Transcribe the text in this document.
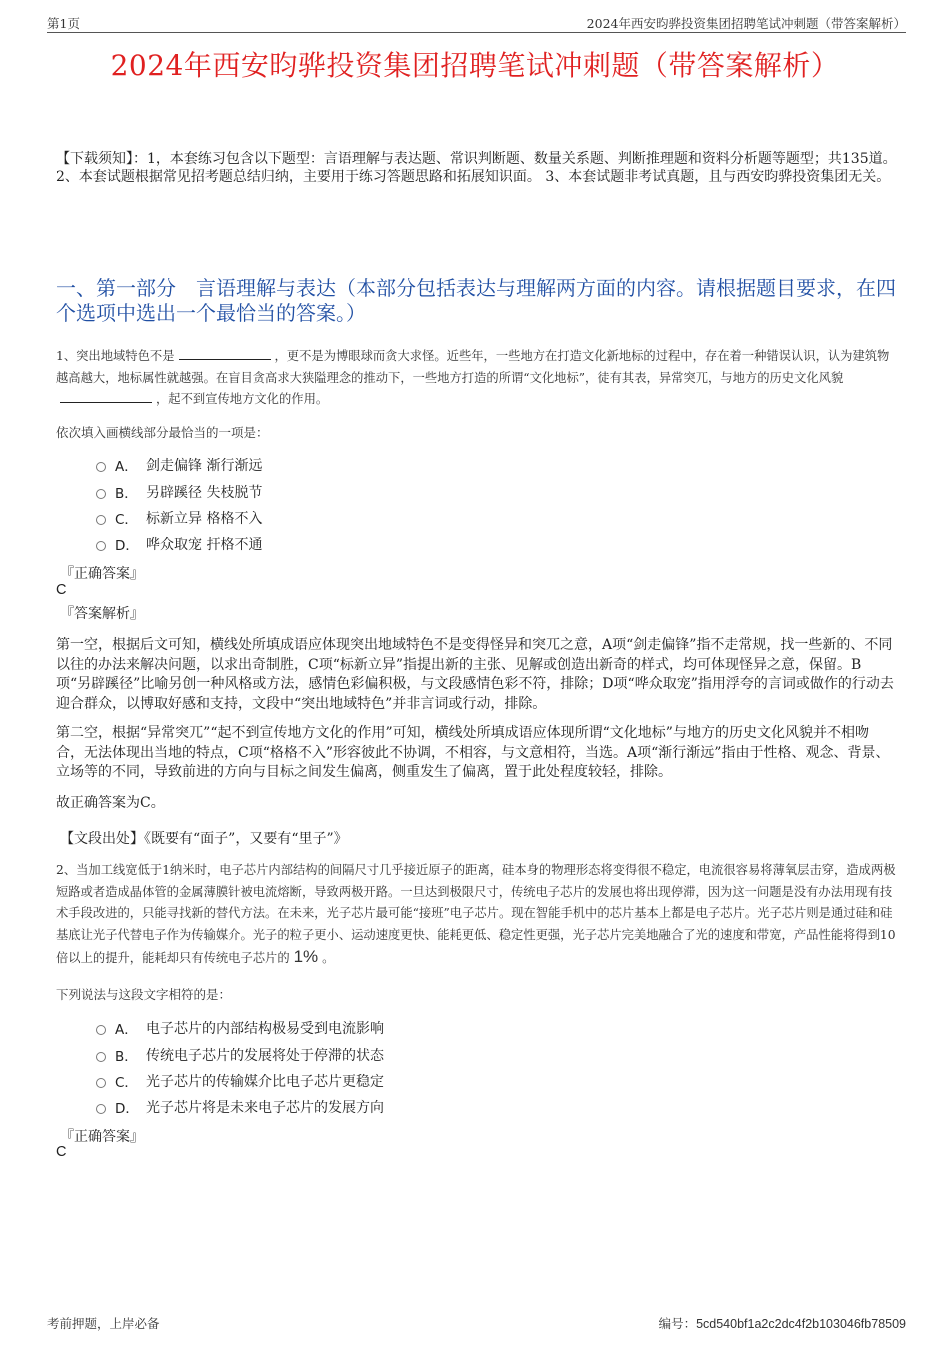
第1页	2024年西安昀骅投资集团招聘笔试冲刺题（带答案解析）
2024年西安昀骅投资集团招聘笔试冲刺题（带答案解析）
【下载须知】：1，本套练习包含以下题型：言语理解与表达题、常识判断题、数量关系题、判断推理题和资料分析题等题型；共135道。 2、本套试题根据常见招考题总结归纳，主要用于练习答题思路和拓展知识面。 3、本套试题非考试真题，且与西安昀骅投资集团无关。
一、第一部分　言语理解与表达（本部分包括表达与理解两方面的内容。请根据题目要求，在四个选项中选出一个最恰当的答案。）
1、突出地域特色不是	，更不是为博眼球而贪大求怪。近些年，一些地方在打造文化新地标的过程中，存在着一种错误认识，认为建筑物越高越大，地标属性就越强。在盲目贪高求大狭隘理念的推动下，一些地方打造的所谓“文化地标”，徒有其表，异常突兀，与地方的历史文化风貌，起不到宣传地方文化的作用。
依次填入画横线部分最恰当的一项是：
A． 剑走偏锋 渐行渐远
B． 另辟蹊径 失枝脱节
C． 标新立异 格格不入
D． 哗众取宠 扞格不通
『正确答案』
C
『答案解析』
第一空，根据后文可知，横线处所填成语应体现突出地域特色不是变得怪异和突兀之意，A项“剑走偏锋”指不走常规，找一些新的、不同以往的办法来解决问题，以求出奇制胜，C项“标新立异”指提出新的主张、见解或创造出新奇的样式，均可体现怪异之意，保留。B项“另辟蹊径”比喻另创一种风格或方法，感情色彩偏积极，与文段感情色彩不符，排除；D项“哗众取宠”指用浮夸的言词或做作的行动去迎合群众，以博取好感和支持，文段中“突出地域特色”并非言词或行动，排除。
第二空，根据“异常突兀”“起不到宣传地方文化的作用”可知，横线处所填成语应体现所谓“文化地标”与地方的历史文化风貌并不相吻合，无法体现出当地的特点，C项“格格不入”形容彼此不协调，不相容，与文意相符，当选。A项“渐行渐远”指由于性格、观念、背景、立场等的不同，导致前进的方向与目标之间发生偏离，侧重发生了偏离，置于此处程度较轻，排除。
故正确答案为C。
【文段出处】《既要有“面子”，又要有“里子”》
2、当加工线宽低于1纳米时，电子芯片内部结构的间隔尺寸几乎接近原子的距离，硅本身的物理形态将变得很不稳定，电流很容易将薄氧层击穿，造成两极短路或者造成晶体管的金属薄膜针被电流熔断，导致两极开路。一旦达到极限尺寸，传统电子芯片的发展也将出现停滞，因为这一问题是没有办法用现有技术手段改进的，只能寻找新的替代方法。在未来，光子芯片最可能“接班”电子芯片。现在智能手机中的芯片基本上都是电子芯片。光子芯片则是通过硅和硅基底让光子代替电子作为传输媒介。光子的粒子更小、运动速度更快、能耗更低、稳定性更强，光子芯片完美地融合了光的速度和带宽，产品性能将得到10倍以上的提升，能耗却只有传统电子芯片的 1% 。
下列说法与这段文字相符的是：
A． 电子芯片的内部结构极易受到电流影响
B． 传统电子芯片的发展将处于停滞的状态
C． 光子芯片的传输媒介比电子芯片更稳定
D． 光子芯片将是未来电子芯片的发展方向
『正确答案』
C
考前押题，上岸必备	编号：5cd540bf1a2c2dc4f2b103046fb78509
